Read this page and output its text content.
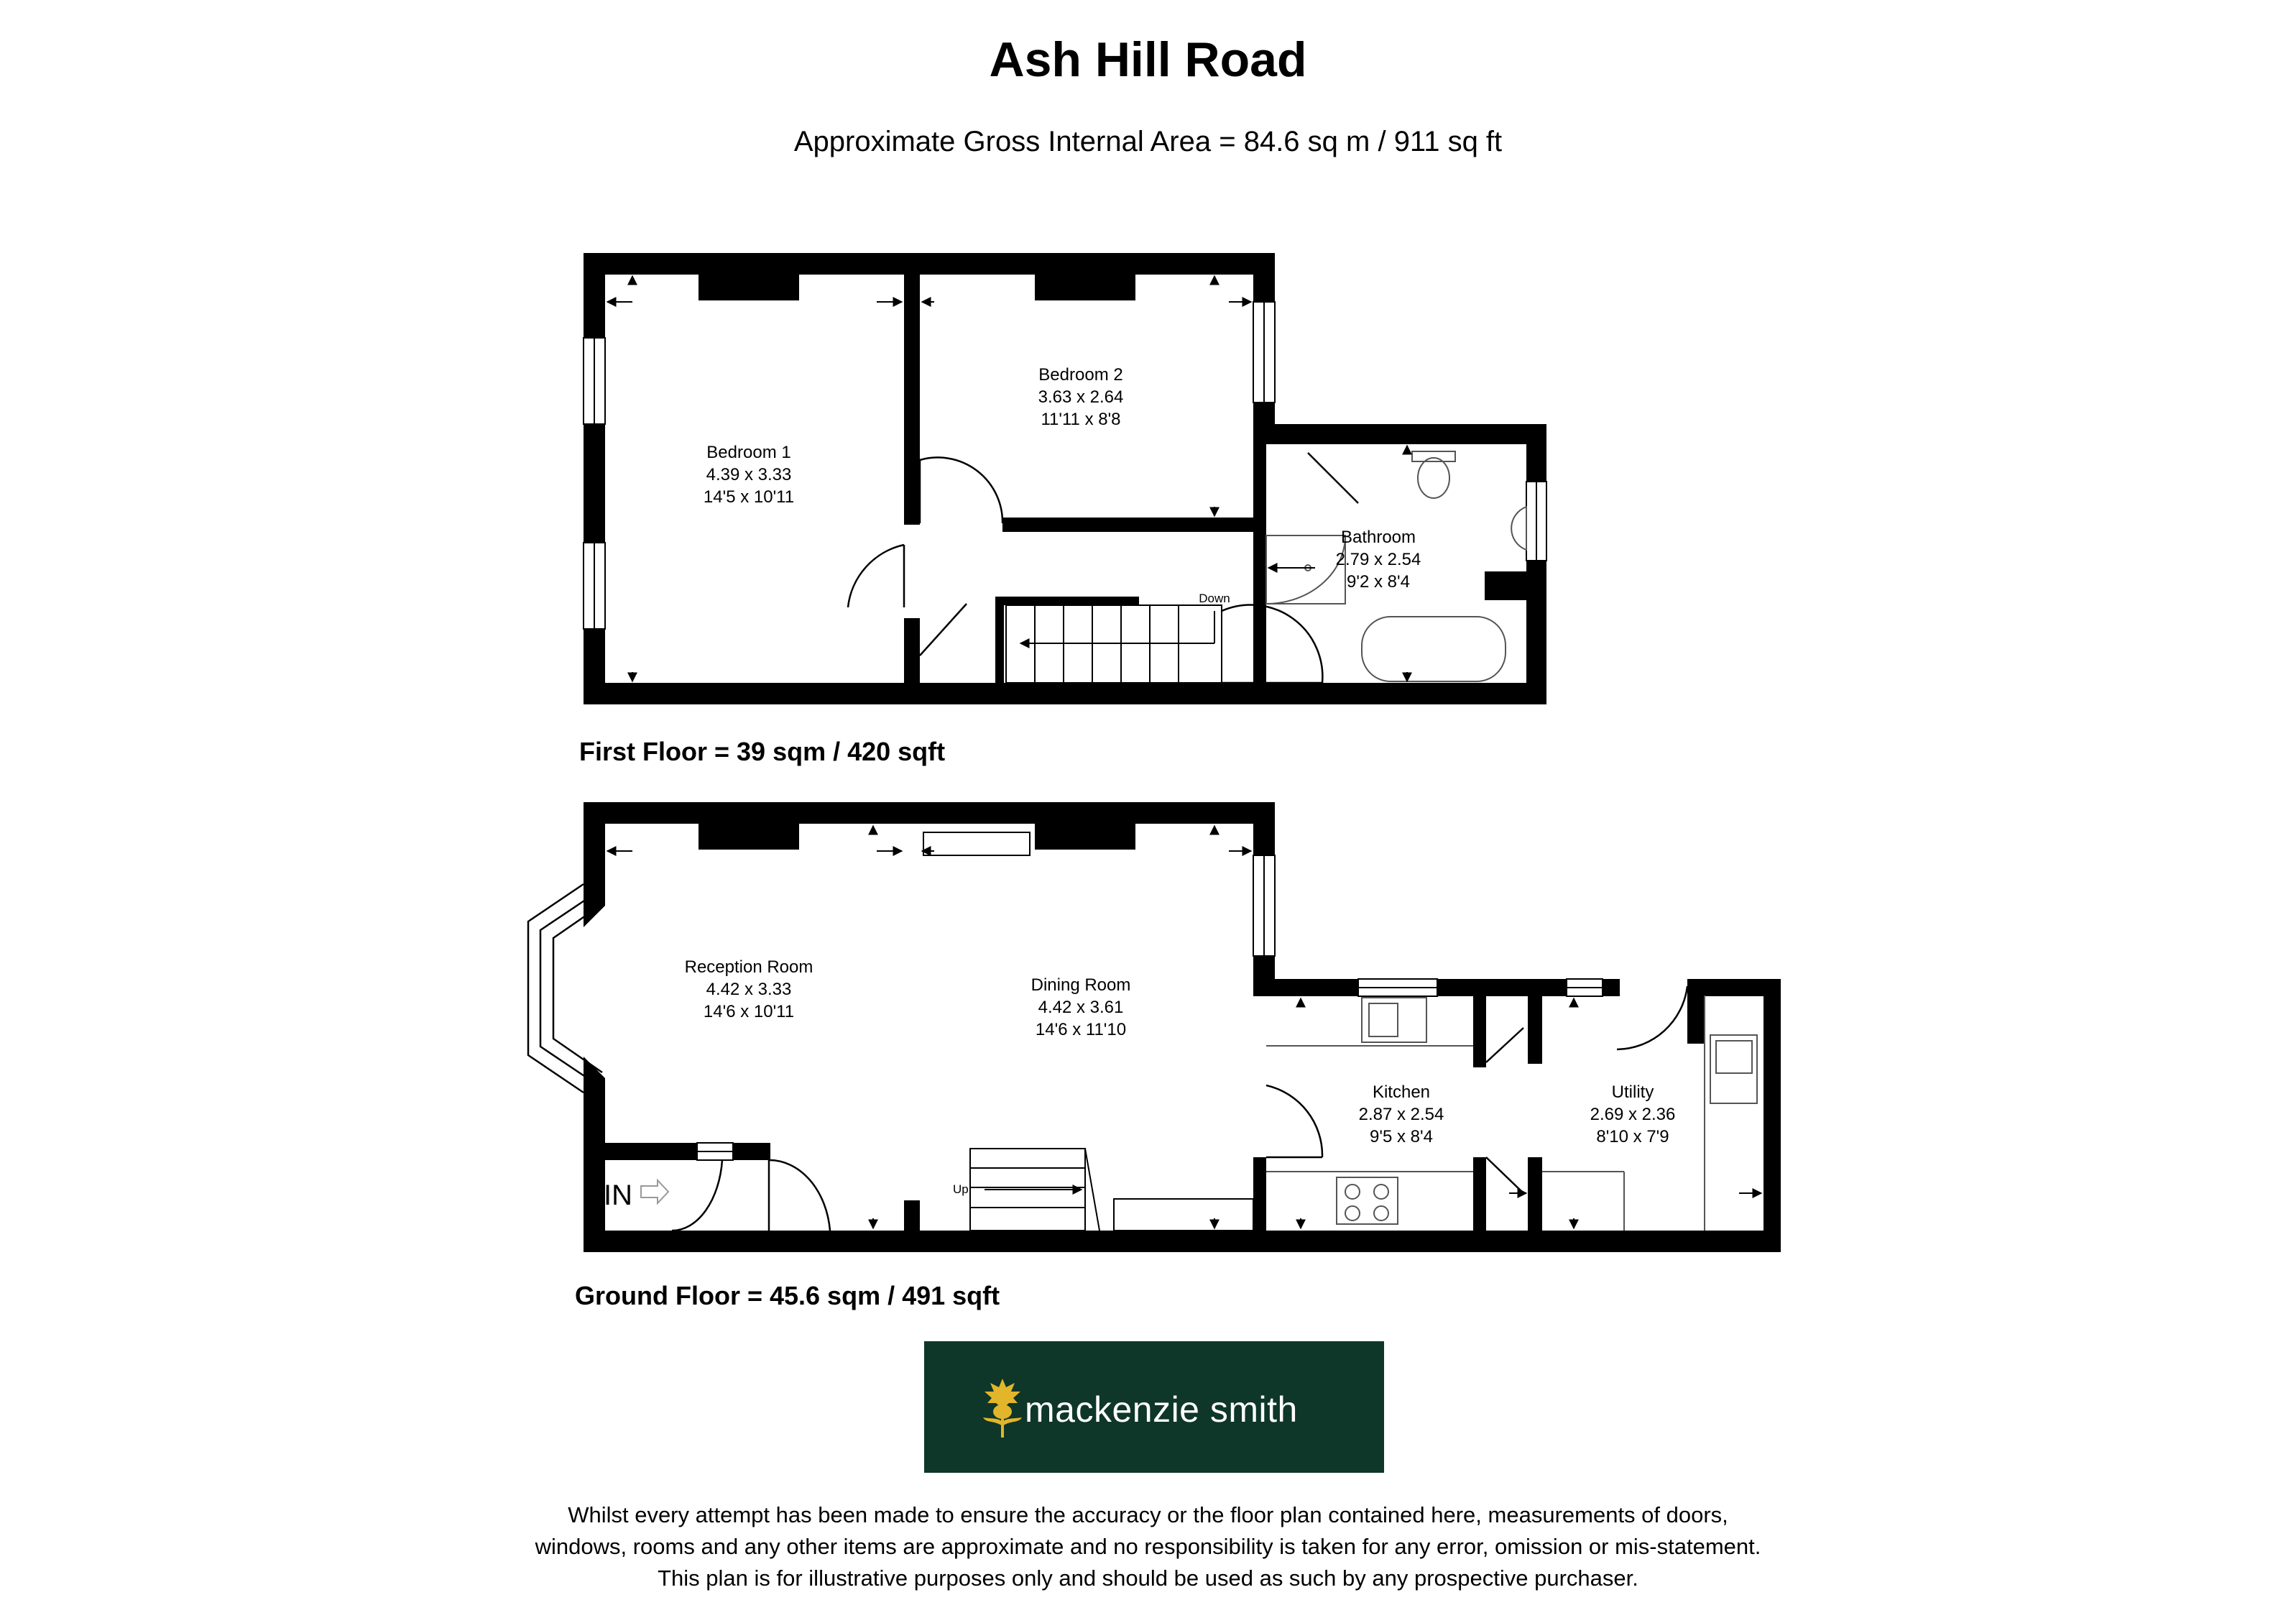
Ash Hill Road
Approximate Gross Internal Area = 84.6 sq m / 911 sq ft
Down
Bedroom 1
4.39 x 3.33
14'5 x 10'11
Bedroom 2
3.63 x 2.64
11'11 x 8'8
Bathroom
2.79 x 2.54
9'2 x 8'4
IN	Up
Reception Room
4.42 x 3.33
14'6 x 10'11
Dining Room
4.42 x 3.61
14'6 x 11'10
Kitchen
2.87 x 2.54
9'5 x 8'4
Utility
2.69 x 2.36
8'10 x 7'9
First Floor = 39 sqm / 420 sqft
Ground Floor = 45.6 sqm / 491 sqft
mackenzie smith
Whilst every attempt has been made to ensure the accuracy or the floor plan contained here, measurements of doors,
windows, rooms and any other items are approximate and no responsibility is taken for any error, omission or mis-statement.
This plan is for illustrative purposes only and should be used as such by any prospective purchaser.
